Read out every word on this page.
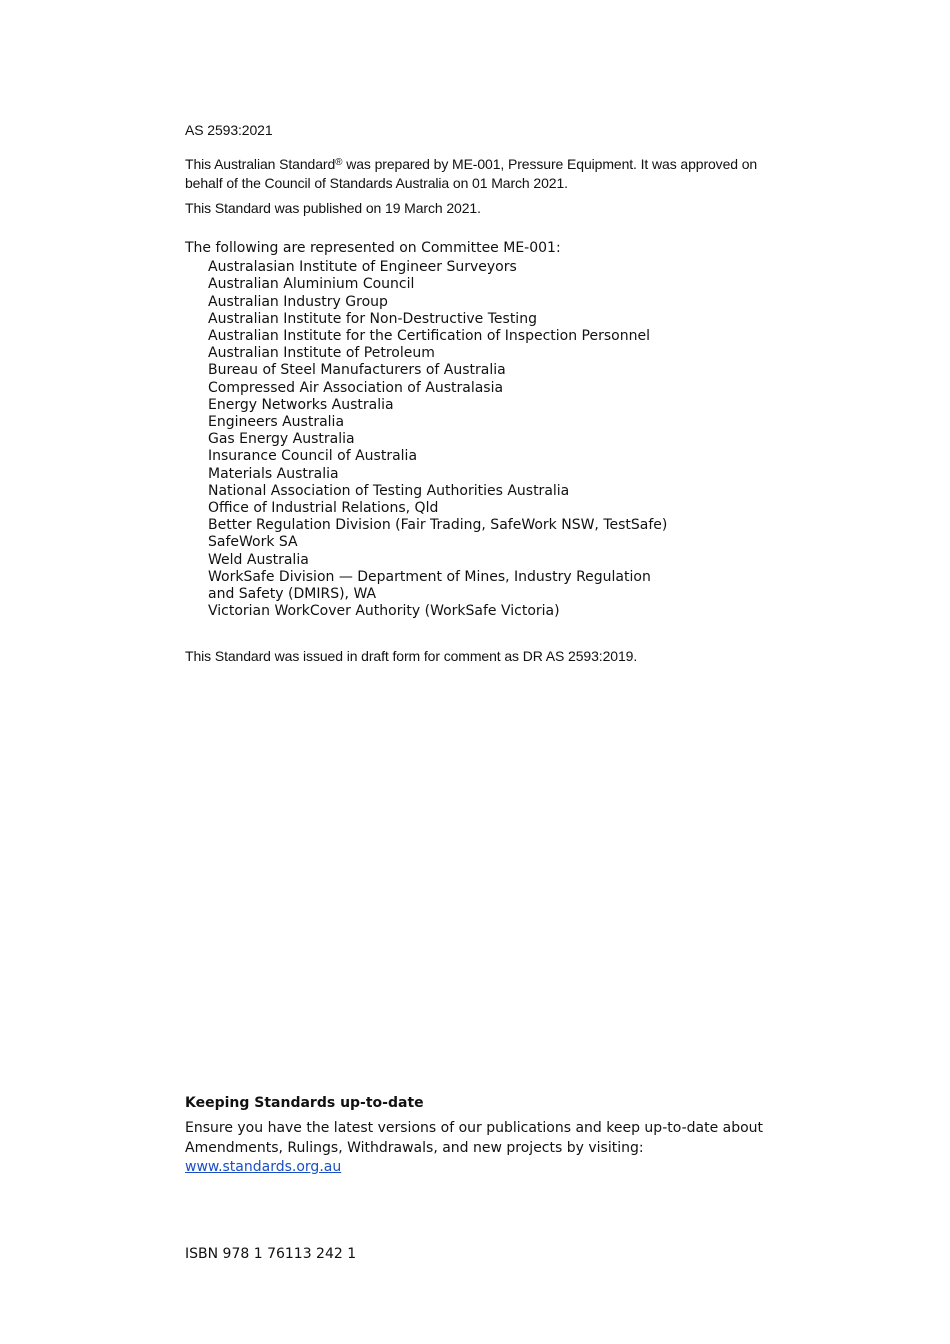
AS 2593:2021

This Australian Standard® was prepared by ME-001, Pressure Equipment. It was approved on behalf of the Council of Standards Australia on 01 March 2021.

This Standard was published on 19 March 2021.

The following are represented on Committee ME-001:

Australasian Institute of Engineer Surveyors
Australian Aluminium Council
Australian Industry Group
Australian Institute for Non-Destructive Testing
Australian Institute for the Certification of Inspection Personnel
Australian Institute of Petroleum
Bureau of Steel Manufacturers of Australia
Compressed Air Association of Australasia
Energy Networks Australia
Engineers Australia
Gas Energy Australia
Insurance Council of Australia
Materials Australia
National Association of Testing Authorities Australia
Office of Industrial Relations, Qld
Better Regulation Division (Fair Trading, SafeWork NSW, TestSafe)
SafeWork SA
Weld Australia
WorkSafe Division — Department of Mines, Industry Regulation and Safety (DMIRS), WA
Victorian WorkCover Authority (WorkSafe Victoria)

This Standard was issued in draft form for comment as DR AS 2593:2019.

Keeping Standards up-to-date

Ensure you have the latest versions of our publications and keep up-to-date about Amendments, Rulings, Withdrawals, and new projects by visiting:
www.standards.org.au

ISBN 978 1 76113 242 1
